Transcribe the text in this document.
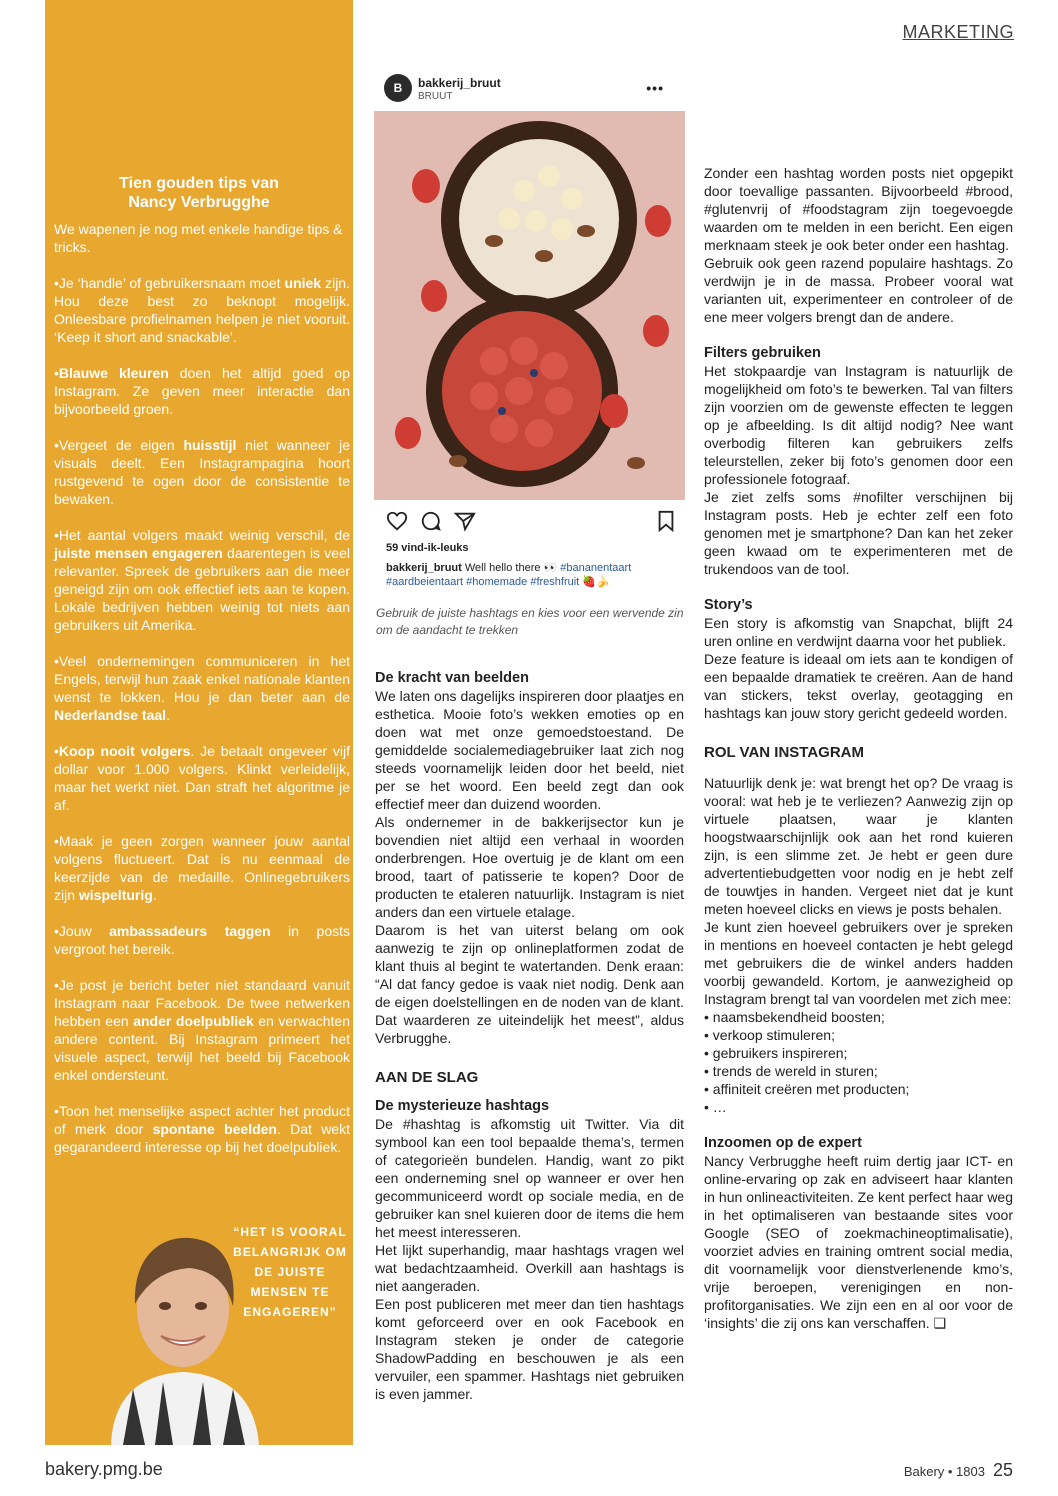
MARKETING
Tien gouden tips van
Nancy Verbrugghe

We wapenen je nog met enkele handige tips & tricks.

•Je ‘handle’ of gebruikersnaam moet uniek zijn. Hou deze best zo beknopt mogelijk. Onleesbare profielnamen helpen je niet vooruit. ‘Keep it short and snackable’.
•Blauwe kleuren doen het altijd goed op Instagram. Ze geven meer interactie dan bijvoorbeeld groen.
•Vergeet de eigen huisstijl niet wanneer je visuals deelt. Een Instagrampagina hoort rustgevend te ogen door de consistentie te bewaken.
•Het aantal volgers maakt weinig verschil, de juiste mensen engageren daarentegen is veel relevanter. Spreek de gebruikers aan die meer geneigd zijn om ook effectief iets aan te kopen. Lokale bedrijven hebben weinig tot niets aan gebruikers uit Amerika.
•Veel ondernemingen communiceren in het Engels, terwijl hun zaak enkel nationale klanten wenst te lokken. Hou je dan beter aan de Nederlandse taal.
•Koop nooit volgers. Je betaalt ongeveer vijf dollar voor 1.000 volgers. Klinkt verleidelijk, maar het werkt niet. Dan straft het algoritme je af.
•Maak je geen zorgen wanneer jouw aantal volgens fluctueert. Dat is nu eenmaal de keerzijde van de medaille. Onlinegebruikers zijn wispelturig.
•Jouw ambassadeurs taggen in posts vergroot het bereik.
•Je post je bericht beter niet standaard vanuit Instagram naar Facebook. De twee netwerken hebben een ander doelpubliek en verwachten andere content. Bij Instagram primeert het visuele aspect, terwijl het beeld bij Facebook enkel ondersteunt.
•Toon het menselijke aspect achter het product of merk door spontane beelden. Dat wekt gegarandeerd interesse op bij het doelpubliek.
“HET IS VOORAL BELANGRIJK OM DE JUISTE MENSEN TE ENGAGEREN”
B	bakkerij_bruut
BRUUT
•••
59 vind-ik-leuks
bakkerij_bruut Well hello there 👀 #bananentaart #aardbeientaart #homemade #freshfruit 🍓🍌

Gebruik de juiste hashtags en kies voor een wervende zin om de aandacht te trekken

De kracht van beelden

We laten ons dagelijks inspireren door plaatjes en esthetica. Mooie foto’s wekken emoties op en doen wat met onze gemoedstoestand. De gemiddelde socialemediagebruiker laat zich nog steeds voornamelijk leiden door het beeld, niet per se het woord. Een beeld zegt dan ook effectief meer dan duizend woorden.

Als ondernemer in de bakkerijsector kun je bovendien niet altijd een verhaal in woorden onderbrengen. Hoe overtuig je de klant om een brood, taart of patisserie te kopen? Door de producten te etaleren natuurlijk. Instagram is niet anders dan een virtuele etalage.

Daarom is het van uiterst belang om ook aanwezig te zijn op onlineplatformen zodat de klant thuis al begint te watertanden. Denk eraan: “Al dat fancy gedoe is vaak niet nodig. Denk aan de eigen doelstellingen en de noden van de klant. Dat waarderen ze uiteindelijk het meest”, aldus Verbrugghe.

AAN DE SLAG
De mysterieuze hashtags

De #hashtag is afkomstig uit Twitter. Via dit symbool kan een tool bepaalde thema’s, termen of categorieën bundelen. Handig, want zo pikt een onderneming snel op wanneer er over hen gecommuniceerd wordt op sociale media, en de gebruiker kan snel kuieren door de items die hem het meest interesseren.

Het lijkt superhandig, maar hashtags vragen wel wat bedachtzaamheid. Overkill aan hashtags is niet aangeraden.

Een post publiceren met meer dan tien hashtags komt geforceerd over en ook Facebook en Instagram steken je onder de categorie ShadowPadding en beschouwen je als een vervuiler, een spammer. Hashtags niet gebruiken is even jammer.

Zonder een hashtag worden posts niet opgepikt door toevallige passanten. Bijvoorbeeld #brood, #glutenvrij of #foodstagram zijn toegevoegde waarden om te melden in een bericht. Een eigen merknaam steek je ook beter onder een hashtag.

Gebruik ook geen razend populaire hashtags. Zo verdwijn je in de massa. Probeer vooral wat varianten uit, experimenteer en controleer of de ene meer volgers brengt dan de andere.

Filters gebruiken

Het stokpaardje van Instagram is natuurlijk de mogelijkheid om foto’s te bewerken. Tal van filters zijn voorzien om de gewenste effecten te leggen op je afbeelding. Is dit altijd nodig? Nee want overbodig filteren kan gebruikers zelfs teleurstellen, zeker bij foto’s genomen door een professionele fotograaf.

Je ziet zelfs soms #nofilter verschijnen bij Instagram posts. Heb je echter zelf een foto genomen met je smartphone? Dan kan het zeker geen kwaad om te experimenteren met de trukendoos van de tool.

Story’s

Een story is afkomstig van Snapchat, blijft 24 uren online en verdwijnt daarna voor het publiek.

Deze feature is ideaal om iets aan te kondigen of een bepaalde dramatiek te creëren. Aan de hand van stickers, tekst overlay, geotagging en hashtags kan jouw story gericht gedeeld worden.

ROL VAN INSTAGRAM

Natuurlijk denk je: wat brengt het op? De vraag is vooral: wat heb je te verliezen? Aanwezig zijn op virtuele plaatsen, waar je klanten hoogstwaarschijnlijk ook aan het rond kuieren zijn, is een slimme zet. Je hebt er geen dure advertentiebudgetten voor nodig en je hebt zelf de touwtjes in handen. Vergeet niet dat je kunt meten hoeveel clicks en views je posts behalen.

Je kunt zien hoeveel gebruikers over je spreken in mentions en hoeveel contacten je hebt gelegd met gebruikers die de winkel anders hadden voorbij gewandeld. Kortom, je aanwezigheid op Instagram brengt tal van voordelen met zich mee:

• naamsbekendheid boosten;
• verkoop stimuleren;
• gebruikers inspireren;
• trends de wereld in sturen;
• affiniteit creëren met producten;
• …
Inzoomen op de expert

Nancy Verbrugghe heeft ruim dertig jaar ICT- en online-ervaring op zak en adviseert haar klanten in hun onlineactiviteiten. Ze kent perfect haar weg in het optimaliseren van bestaande sites voor Google (SEO of zoekmachineoptimalisatie), voorziet advies en training omtrent social media, dit voornamelijk voor dienstverlenende kmo’s, vrije beroepen, verenigingen en non-profitorganisaties. We zijn een en al oor voor de ‘insights’ die zij ons kan verschaffen. ❑

bakery.pmg.be	Bakery • 1803 25
